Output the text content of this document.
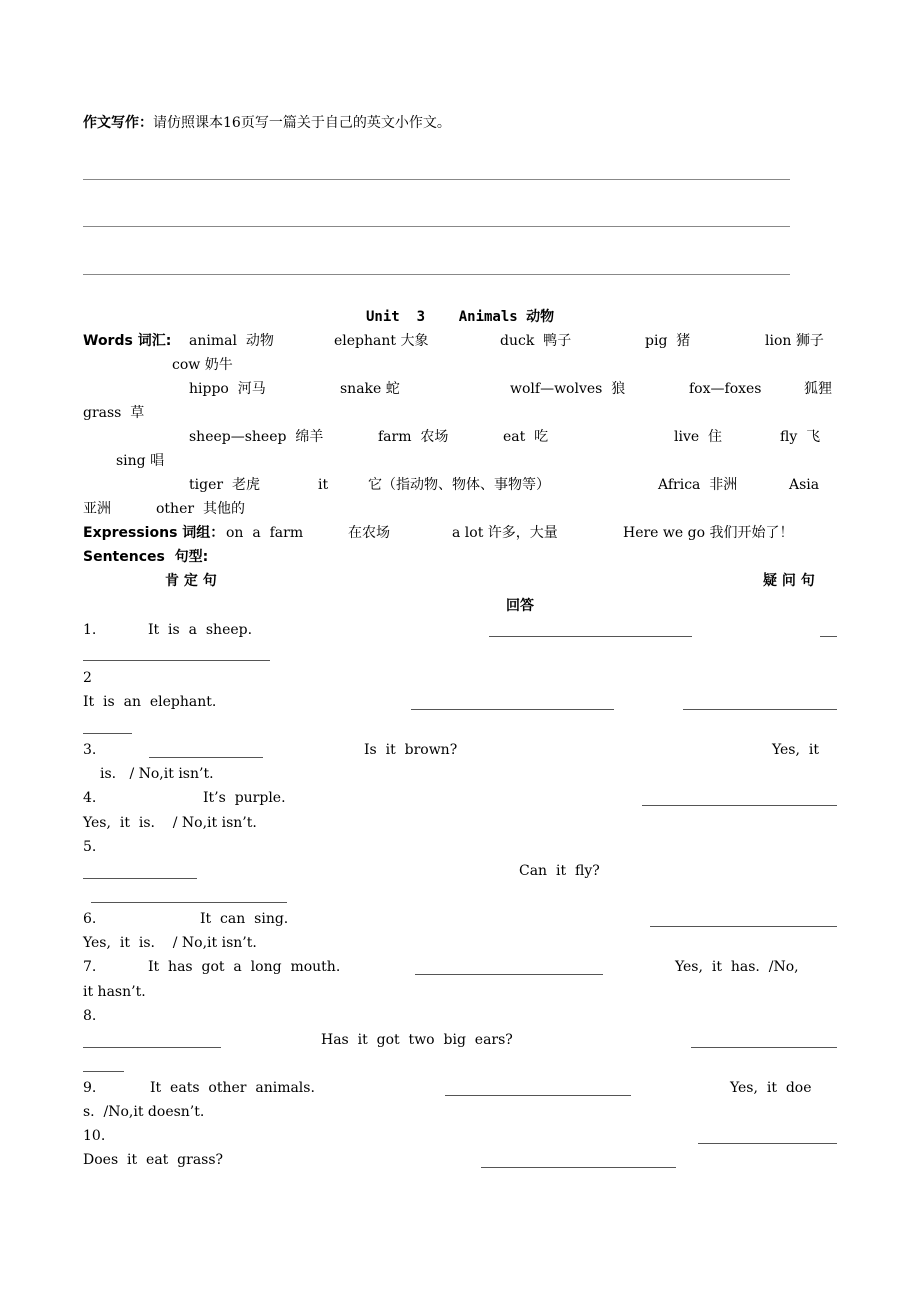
作文写作：请仿照课本16页写一篇关于自己的英文小作文。
Unit  3    Animals 动物
Words 词汇: animal  动物	elephant 大象	duck  鸭子	pig  猪	lion 狮子
cow 奶牛
hippo  河马	snake 蛇	wolf—wolves  狼	fox—foxes	狐狸
grass  草
sheep—sheep  绵羊	farm  农场	eat  吃	live  住	fly  飞
sing 唱
tiger  老虎	it	它（指动物、物体、事物等）	Africa  非洲	Asia
亚洲	other  其他的
Expressions 词组： on  a  farm	在农场	a lot 许多，大量	Here we go 我们开始了！
Sentences  句型:
肯 定 句	疑 问 句
回答
1.	It  is  a  sheep.
2
It  is  an  elephant.
3.	Is  it  brown?	Yes,  it
is.   / No,it isn’t.
4.	It’s  purple.
Yes,  it  is.    / No,it isn’t.
5.
Can  it  fly?
6.	It  can  sing.
Yes,  it  is.    / No,it isn’t.
7.	It  has  got  a  long  mouth.	Yes,  it  has.  /No,
it hasn’t.
8.
Has  it  got  two  big  ears?
9.	It  eats  other  animals.	Yes,  it  doe
s.  /No,it doesn’t.
10.
Does  it  eat  grass?
